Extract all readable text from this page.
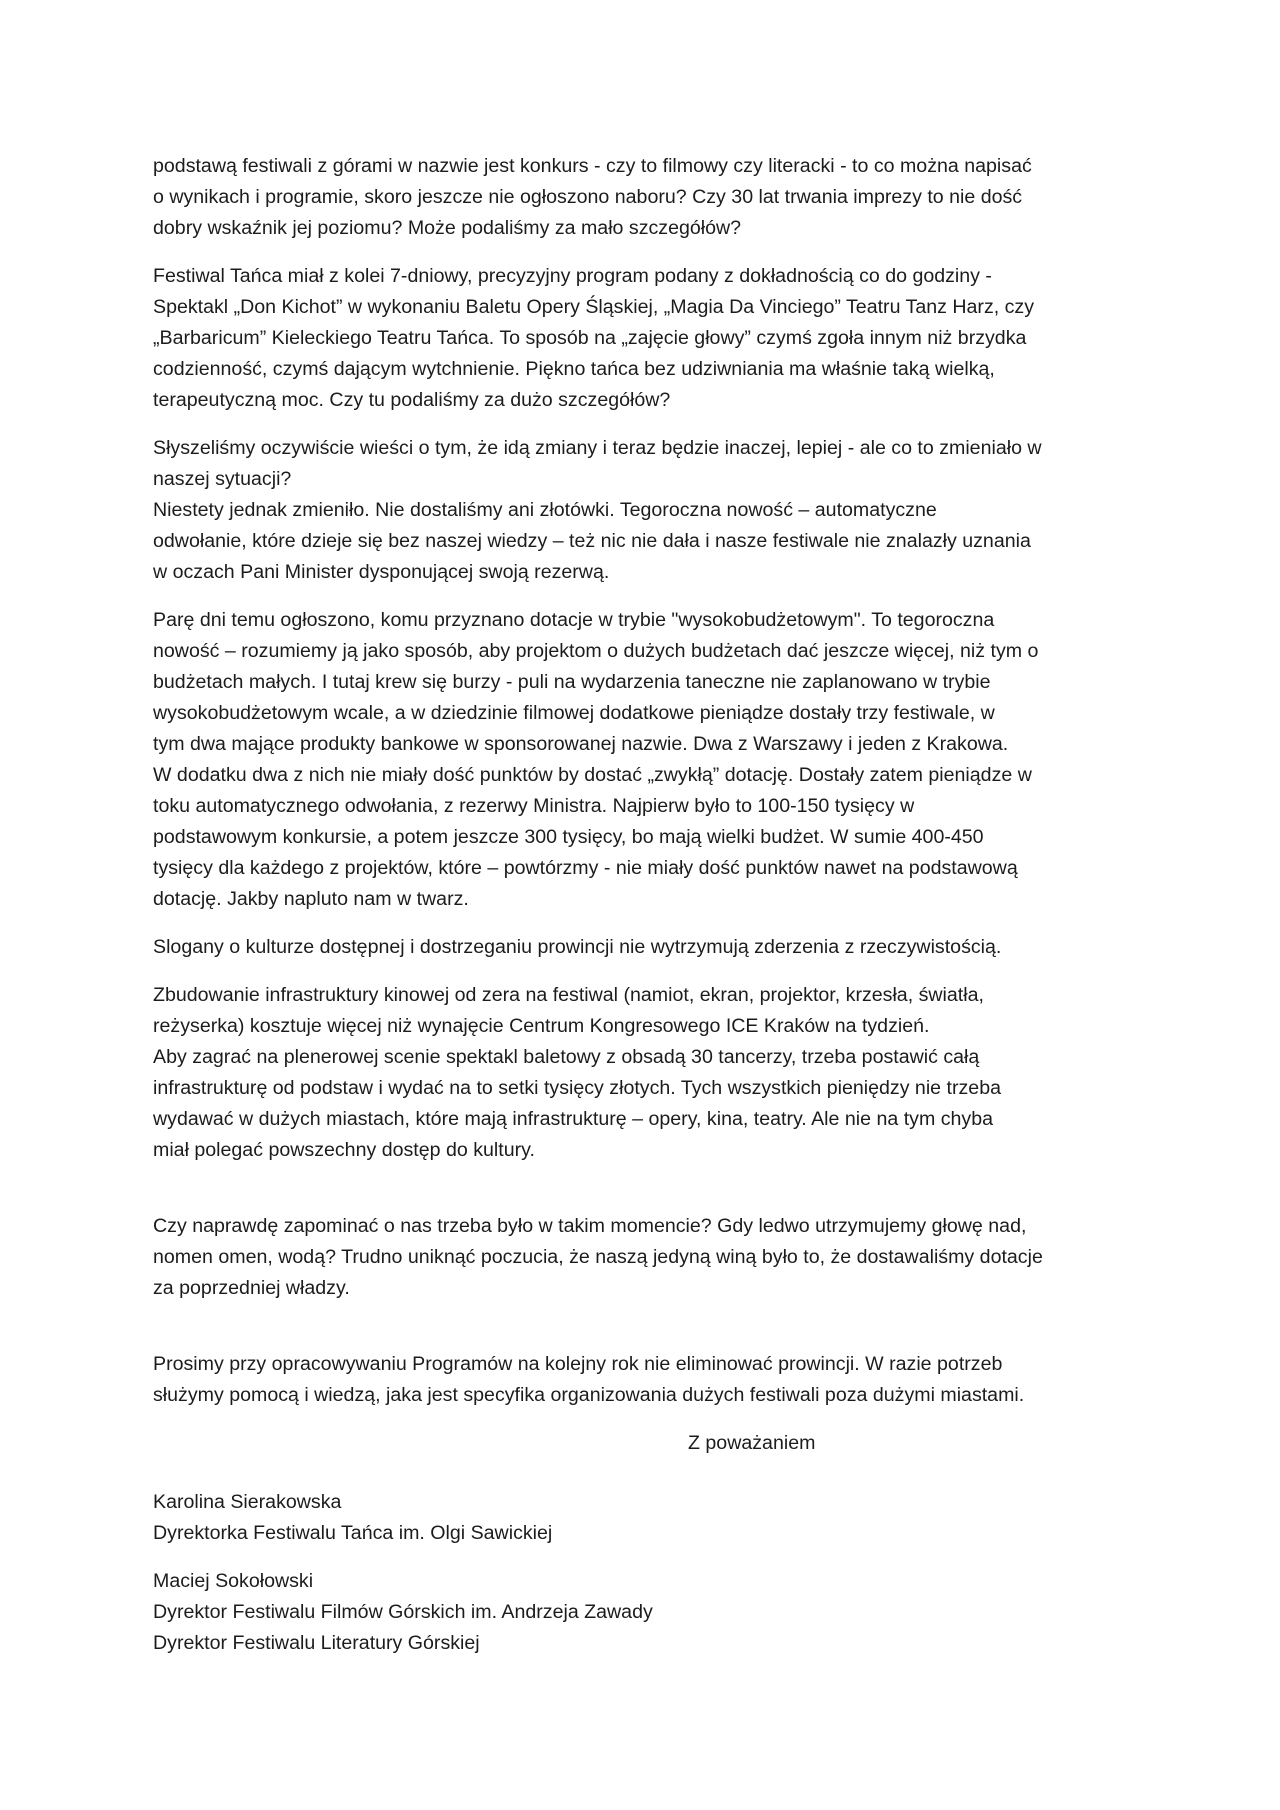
podstawą festiwali z górami w nazwie jest konkurs - czy to filmowy czy literacki - to co można napisać
o wynikach i programie, skoro jeszcze nie ogłoszono naboru? Czy 30 lat trwania imprezy to nie dość
dobry wskaźnik jej poziomu? Może podaliśmy za mało szczegółów?
Festiwal Tańca miał z kolei 7-dniowy, precyzyjny program podany z dokładnością co do godziny -
Spektakl „Don Kichot” w wykonaniu Baletu Opery Śląskiej, „Magia Da Vinciego” Teatru Tanz Harz, czy
„Barbaricum” Kieleckiego Teatru Tańca. To sposób na „zajęcie głowy” czymś zgoła innym niż brzydka
codzienność, czymś dającym wytchnienie. Piękno tańca bez udziwniania ma właśnie taką wielką,
terapeutyczną moc. Czy tu podaliśmy za dużo szczegółów?
Słyszeliśmy oczywiście wieści o tym, że idą zmiany i teraz będzie inaczej, lepiej - ale co to zmieniało w
naszej sytuacji?
Niestety jednak zmieniło. Nie dostaliśmy ani złotówki. Tegoroczna nowość – automatyczne
odwołanie, które dzieje się bez naszej wiedzy – też nic nie dała i nasze festiwale nie znalazły uznania
w oczach Pani Minister dysponującej swoją rezerwą.
Parę dni temu ogłoszono, komu przyznano dotacje w trybie "wysokobudżetowym". To tegoroczna
nowość – rozumiemy ją jako sposób, aby projektom o dużych budżetach dać jeszcze więcej, niż tym o
budżetach małych. I tutaj krew się burzy - puli na wydarzenia taneczne nie zaplanowano w trybie
wysokobudżetowym wcale, a w dziedzinie filmowej dodatkowe pieniądze dostały trzy festiwale, w
tym dwa mające produkty bankowe w sponsorowanej nazwie. Dwa z Warszawy i jeden z Krakowa.
W dodatku dwa z nich nie miały dość punktów by dostać „zwykłą” dotację. Dostały zatem pieniądze w
toku automatycznego odwołania, z rezerwy Ministra. Najpierw było to 100-150 tysięcy w
podstawowym konkursie, a potem jeszcze 300 tysięcy, bo mają wielki budżet. W sumie 400-450
tysięcy dla każdego z projektów, które – powtórzmy - nie miały dość punktów nawet na podstawową
dotację. Jakby napluto nam w twarz.
Slogany o kulturze dostępnej i dostrzeganiu prowincji nie wytrzymują zderzenia z rzeczywistością.
Zbudowanie infrastruktury kinowej od zera na festiwal (namiot, ekran, projektor, krzesła, światła,
reżyserka) kosztuje więcej niż wynajęcie Centrum Kongresowego ICE Kraków na tydzień.
Aby zagrać na plenerowej scenie spektakl baletowy z obsadą 30 tancerzy, trzeba postawić całą
infrastrukturę od podstaw i wydać na to setki tysięcy złotych. Tych wszystkich pieniędzy nie trzeba
wydawać w dużych miastach, które mają infrastrukturę – opery, kina, teatry. Ale nie na tym chyba
miał polegać powszechny dostęp do kultury.
Czy naprawdę zapominać o nas trzeba było w takim momencie? Gdy ledwo utrzymujemy głowę nad,
nomen omen, wodą? Trudno uniknąć poczucia, że naszą jedyną winą było to, że dostawaliśmy dotacje
za poprzedniej władzy.
Prosimy przy opracowywaniu Programów na kolejny rok nie eliminować prowincji. W razie potrzeb
służymy pomocą i wiedzą, jaka jest specyfika organizowania dużych festiwali poza dużymi miastami.
Z poważaniem
Karolina Sierakowska
Dyrektorka Festiwalu Tańca im. Olgi Sawickiej
Maciej Sokołowski
Dyrektor Festiwalu Filmów Górskich im. Andrzeja Zawady
Dyrektor Festiwalu Literatury Górskiej
